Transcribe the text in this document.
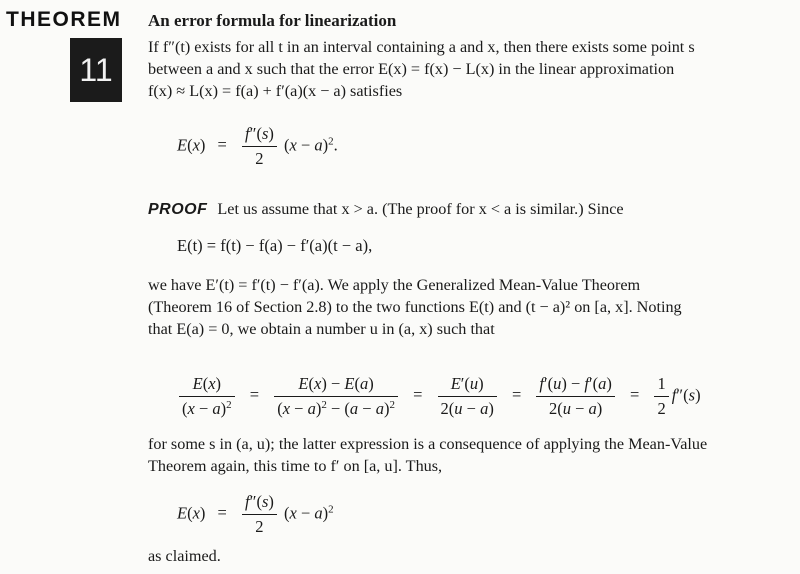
THEOREM
11
An error formula for linearization
If f″(t) exists for all t in an interval containing a and x, then there exists some point s
between a and x such that the error E(x) = f(x) − L(x) in the linear approximation
f(x) ≈ L(x) = f(a) + f′(a)(x − a) satisfies
$E(x) = \frac{f''(s)}{2} (x - a)^2$.
PROOF Let us assume that x > a. (The proof for x < a is similar.) Since
E(t) = f(t) − f(a) − f′(a)(t − a),
we have E′(t) = f′(t) − f′(a). We apply the Generalized Mean-Value Theorem
(Theorem 16 of Section 2.8) to the two functions E(t) and (t − a)² on [a, x]. Noting
that E(a) = 0, we obtain a number u in (a, x) such that
$\frac{E(x)}{(x - a)^2} = \frac{E(x) - E(a)}{(x - a)^2 - (a - a)^2} = \frac{E'(u)}{2(u - a)} = \frac{f'(u) - f'(a)}{2(u - a)} = \frac{1}{2} f''(s)$
for some s in (a, u); the latter expression is a consequence of applying the Mean-Value
Theorem again, this time to f′ on [a, u]. Thus,
$E(x) = \frac{f''(s)}{2} (x - a)^2$
as claimed.
